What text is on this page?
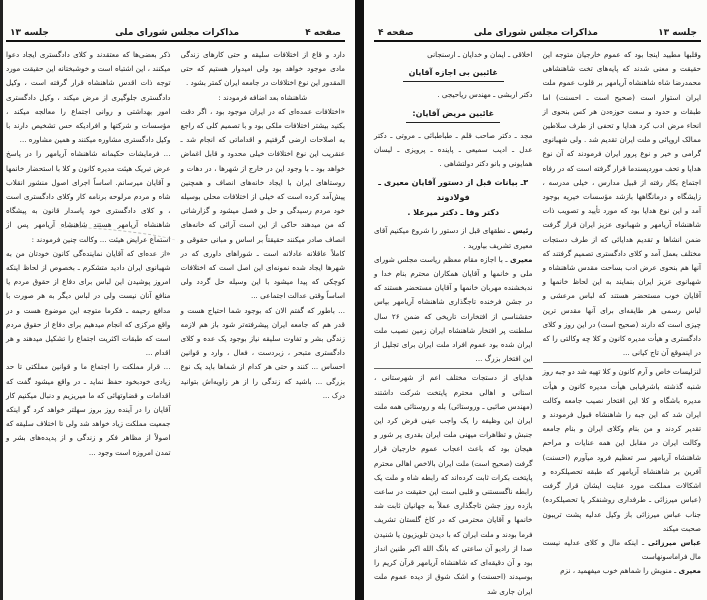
صفحه ۴
مذاکرات مجلس شورای ملی
جلسه ۱۳

ذکر بعضی‌ها که معتقدند و کلای دادگستری ایجاد دعوا میکنند ، این اشتباه است و خوشبختانه این حقیقت مورد توجه ذات اقدس شاهنشاه قرار گرفته است ، وکیل دادگستری جلوگیری از مرض میکند ، وکیل دادگستری امور بهداشتی و روانی اجتماع را معالجه میکند ، مؤسسات و شرکتها و افرادیکه حس تشخیص دارند با وکیل دادگستری مشاوره میکنند و همین مشاوره ...

... فرمایشات حکیمانه شاهنشاه آریامهر را در پاسخ عرض تبریک هیئت مدیره کانون و کلا با استحضار خانمها و آقایان میرسانم. اساساً اجرای اصول منشور انقلاب شاه و مردم مرلوحه برنامه کار وکلای دادگستری است ، و کلای دادگستری خود پاسدار قانون به پیشگاه شاهنشاه آریامهر هستند شاهنشاه آریامهر پس از استماع عرایض هیئت ... وکالت چنین فرمودند :

«از عده‌ای که آقایان نماینده‌گی کانون خودتان من به شهبانوی ایران دادید متشکرم ـ بخصوص از لحاظ اینکه امروز پوشیدن این لباس برای دفاع از حقوق مردم یا منافع آنان نیست ولی در لباس دیگر به هر صورت با مدافع رحیمه ـ فکرما متوجه این موضوع هست و در واقع مرکزی که انجام میدهیم برای دفاع از حقوق مردم است که طبقات اکثریت اجتماع را تشکیل میدهند و هر اقدام ...

... قرار مملکت را اجتماع ما و قوانین مملکتی تا حد زیادی خودبخود حفظ نماید ـ در واقع میشود گفت که اقدامات و قضاوتهائی که ما میریزیم و دنبال میکنیم کار آقایان را در آینده روز بروز سهلتر خواهد کرد گو اینکه جمعیت مملکت زیاد خواهد شد ولی تا اختلاف سلیقه که اصولاً از مظاهر فکر و زندگی و از پدیده‌های بشر و تمدن امروزه است وجود ...

دارد و قاع از اختلافات سلیقه و حتی کارهای زندگی مادی موجود خواهد بود ولی امیدوار هستیم که حتی المقدور این نوع اختلافات در جامعه ایران کمتر بشود .

شاهنشاه بعد اضافه فرمودند :

«اختلافات عمده‌ای که در ایران موجود بود ، اگر دقت بکنید بیشتر اختلافات ملکی بود و با تصمیم کلی که راجع به اصلاحات ارضی گرفتیم و اقداماتی که انجام شد ـ عنقریب این نوع اختلافات خیلی محدود و قابل اغماض خواهد بود ـ با وجود این در خارج از شهرها ، در دهات و روستاهای ایران با ایجاد خانه‌های انصاف و همچنین پیش‌آمد کرده است که خیلی از اختلافات محلی بوسیله خود مردم رسیدگی و حل و فصل میشود و گزارشاتی که من میدهند حاکی از این است آرائی که خانه‌های انصاف صادر میکنند حقیقتاً بر اساس و مبانی حقوقی و کاملاً عاقلانه عادلانه است ـ شوراهای داوری که در شهرها ایجاد شده نمونه‌ای این اصل است که اختلافات کوچکی که پیدا میشود با این وسیله حل گردد ولی اساساً وقتی عدالت اجتماعی ...

... باطور که گفتم الان که بوجود شما احتیاج هست و قدر هم که جامعه ایران پیشرفته‌تر شود باز هم لازمه زندگی بشر و تفاوت سلیقه نیاز بوجود یک عده و کلای دادگستری متبحر ، زبردست ، فعال ، وارد و قوانین احساس ... کنند و حتی هر کدام از شماها باید یک نوع بزرگی ... باشید که زندگی را از هر زاویه‌اش بتوانید درک ...

جلسه ۱۳
مذاکرات مجلس شورای ملی
صفحه ۴

اخلاقی ـ ایمان و خدایان ـ ارسنجانی

غائبین بی اجازه آقایان

دکتر اربشی ـ مهندس ریاحیجی .

غائبین مریض آقایان:

مجد ـ دکتر صاحب قلم ـ طباطبائی ـ مروتی ـ دکتر عدل ـ ادیب سمیعی ـ پاینده ـ پرویزی ـ لیسان همایونی و بانو دکتر دولتشاهی .

۳ـ بیانات قبل از دستور آقایان معیری ـ فولادوند
دکتر وفا ـ دکتر میرعلا .

رئیس ـ نطقهای قبل از دستور را شروع میکنیم آقای معیری تشریف بیاورید .

معیری ـ با اجازه مقام معظم ریاست مجلس شورای ملی و خانمها و آقایان همکاران محترم بنام خدا و ندبخشنده مهربان خانمها و آقایان مستحضر هستند که در جشن فرخنده تاجگذاری شاهنشاه آریامهر بپاس حقشناسی از افتخارات تاریخی که ضمن ۲۶ سال سلطنت پر افتخار شاهنشاه ایران زمین نصیب ملت ایران شده بود عموم افراد ملت ایران برای تجلیل از این افتخار بزرگ ...

هدایای از دستجات مختلف اعم از شهرستانی ، استانی و اهالی محترم پایتخت شرکت داشتند (مهندس صائبی ـ وروستائی) بله و روستائی همه ملت ایران این وظیفه را یک واجب عینی فرض کرد این جنبش و تظاهرات میهنی ملت ایران بقدری پر شور و هیجان بود که باعث اعجاب عموم خارجیان قرار گرفت (صحیح است) ملت ایران بالاخص اهالی محترم پایتخت بکرات ثابت کرده‌اند که رابطه شاه و ملت یک رابطه ناگسستنی و قلبی است این حقیقت در ساعت بازده روز جشن تاجگذاری عملاً به جهانیان ثابت شد خانمها و آقایان محترمی که در کاخ گلستان تشریف فرما بودند و ملت ایران که با دیدن تلویزیون یا شنیدن صدا از رادیو آن ساعتی که بانگ الله اکبر طنین انداز بود و آن دقیقه‌ای که شاهنشاه آریامهر قرآن کریم را بوسیدند (احسنت) و اشک شوق از دیده عموم ملت ایران جاری شد

وقلبها مطیید اینجا بود که عموم خارجیان متوجه این حقیقت و معنی شدند که پایه‌های تخت شاهنشاهی محمدرضا شاه شاهنشاه آریامهر بر قلوب عموم ملت ایران استوار است (صحیح است ـ احسنت) اما طبقات و حدود و سعت حوزه‌دن هر کس بنحوی از انحاء مرض ادب کرد هدایا و تحفی از طرف سلاطین ممالک اروپائی و ملت ایران تقدیم شد . ولی شهبانوی گرامی و خیر و نوع پرور ایران فرمودند که آن نوع هدایا و تحف موردپسندما قرار گرفته است که در رفاه اجتماع بکار رفته از قبیل مدارس ، خیلی مدرسه ، زایشگاه و درمانگاهها بازشد مؤسسات خیریه بوجود آمد و این نوع هدایا بود که مورد تأیید و تصویب ذات شاهنشاه آریامهر و شهبانوی عزیز ایران قرار گرفت ضمن انشاها و تقدیم هدایائی که از طرف دستجات مختلف بعمل آمد و کلای دادگستری تصمیم گرفتند که آنها هم بنحوی عرض ادب بساحت مقدس شاهنشاه و شهبانوی عزیز ایران بنمایند به این لحاظ خانمها و آقایان خوب مستحضر هستند که لباس مرعشی و لباس رسمی هر طایفه‌ای برای آنها مقدس ترین چیزی است که دارند (صحیح است) در این روز و کلای دادگستری و هیأت مدیره کانون و کلا چه وکالتی را که در اینموقع آن تاج کیانی ...

لنزلیسات خاص و آرم کانون و کلا تهیه شد دو جبه روز شنبه گذشته باشرفیابی هیأت مدیره کانون و هیأت مدیره باشگاه و کلا این افتخار نصیب جامعه وکالت ایران شد که این جبه را شاهنشاه قبول فرمودند و تقدیر کردند و من بنام وکلای ایران و بنام جامعه وکالت ایران در مقابل این همه عنایات و مراحم شاهنشاه آریامهر سر تعظیم فرود میآورم (احسنت) آفرین بر شاهنشاه آریامهر که طبقه تحصیلکرده و اشکالات مملکت مورد عنایت ایشان قرار گرفت (عباس میرزائی ـ طرفداری روشنفکر یا تحصیلکرده) جناب عباس میرزائی باز وکیل عدلیه پشت تریبون صحبت میکند

عباس میرزائی ـ اینکه مال و کلای عدلیه نیست مال فراماسونهاست

معیری ـ منویش را شماهم خوب میفهمید ، نزم
